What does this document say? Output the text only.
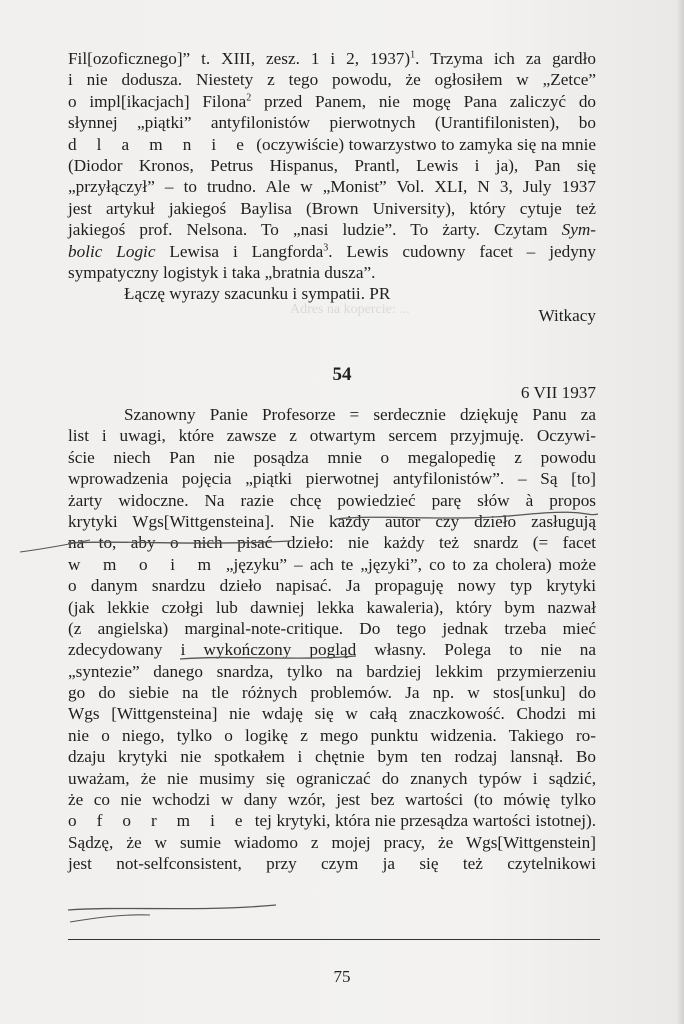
Adres na kopercie: ...
Fil[ozoficznego]” t. XIII, zesz. 1 i 2, 1937)$^1$. Trzyma ich za gardło
i nie dodusza. Niestety z tego powodu, że ogłosiłem w „Zetce”
o impl[ikacjach] Filona$^2$ przed Panem, nie mogę Pana zaliczyć do
słynnej „piątki” antyfilonistów pierwotnych (Urantifilonisten), bo
d l a m n i e (oczywiście) towarzystwo to zamyka się na mnie
(Diodor Kronos, Petrus Hispanus, Prantl, Lewis i ja), Pan się
„przyłączył” – to trudno. Ale w „Monist” Vol. XLI, N 3, July 1937
jest artykuł jakiegoś Baylisa (Brown University), który cytuje też
jakiegoś prof. Nelsona. To „nasi ludzie”. To żarty. Czytam Sym-
bolic Logic Lewisa i Langforda$^3$. Lewis cudowny facet – jedyny
sympatyczny logistyk i taka „bratnia dusza”.
Łączę wyrazy szacunku i sympatii. PR
Witkacy
54
6 VII 1937
Szanowny Panie Profesorze = serdecznie dziękuję Panu za
list i uwagi, które zawsze z otwartym sercem przyjmuję. Oczywi-
ście niech Pan nie posądza mnie o megalopedię z powodu
wprowadzenia pojęcia „piątki pierwotnej antyfilonistów”. – Są [to]
żarty widoczne. Na razie chcę powiedzieć parę słów à propos
krytyki Wgs[Wittgensteina]. Nie każdy autor czy dzieło zasługują
na to, aby o nich pisać dzieło: nie każdy też snardz (= facet
w m o i m „języku” – ach te „języki”, co to za cholera) może
o danym snardzu dzieło napisać. Ja propaguję nowy typ krytyki
(jak lekkie czołgi lub dawniej lekka kawaleria), który bym nazwał
(z angielska) marginal-note-critique. Do tego jednak trzeba mieć
zdecydowany i wykończony pogląd własny. Polega to nie na
„syntezie” danego snardza, tylko na bardziej lekkim przymierzeniu
go do siebie na tle różnych problemów. Ja np. w stos[unku] do
Wgs [Wittgensteina] nie wdaję się w całą znaczkowość. Chodzi mi
nie o niego, tylko o logikę z mego punktu widzenia. Takiego ro-
dzaju krytyki nie spotkałem i chętnie bym ten rodzaj lansnął. Bo
uważam, że nie musimy się ograniczać do znanych typów i sądzić,
że co nie wchodzi w dany wzór, jest bez wartości (to mówię tylko
o f o r m i e tej krytyki, która nie przesądza wartości istotnej).
Sądzę, że w sumie wiadomo z mojej pracy, że Wgs[Wittgenstein]
jest not-selfconsistent, przy czym ja się też czytelnikowi
75
